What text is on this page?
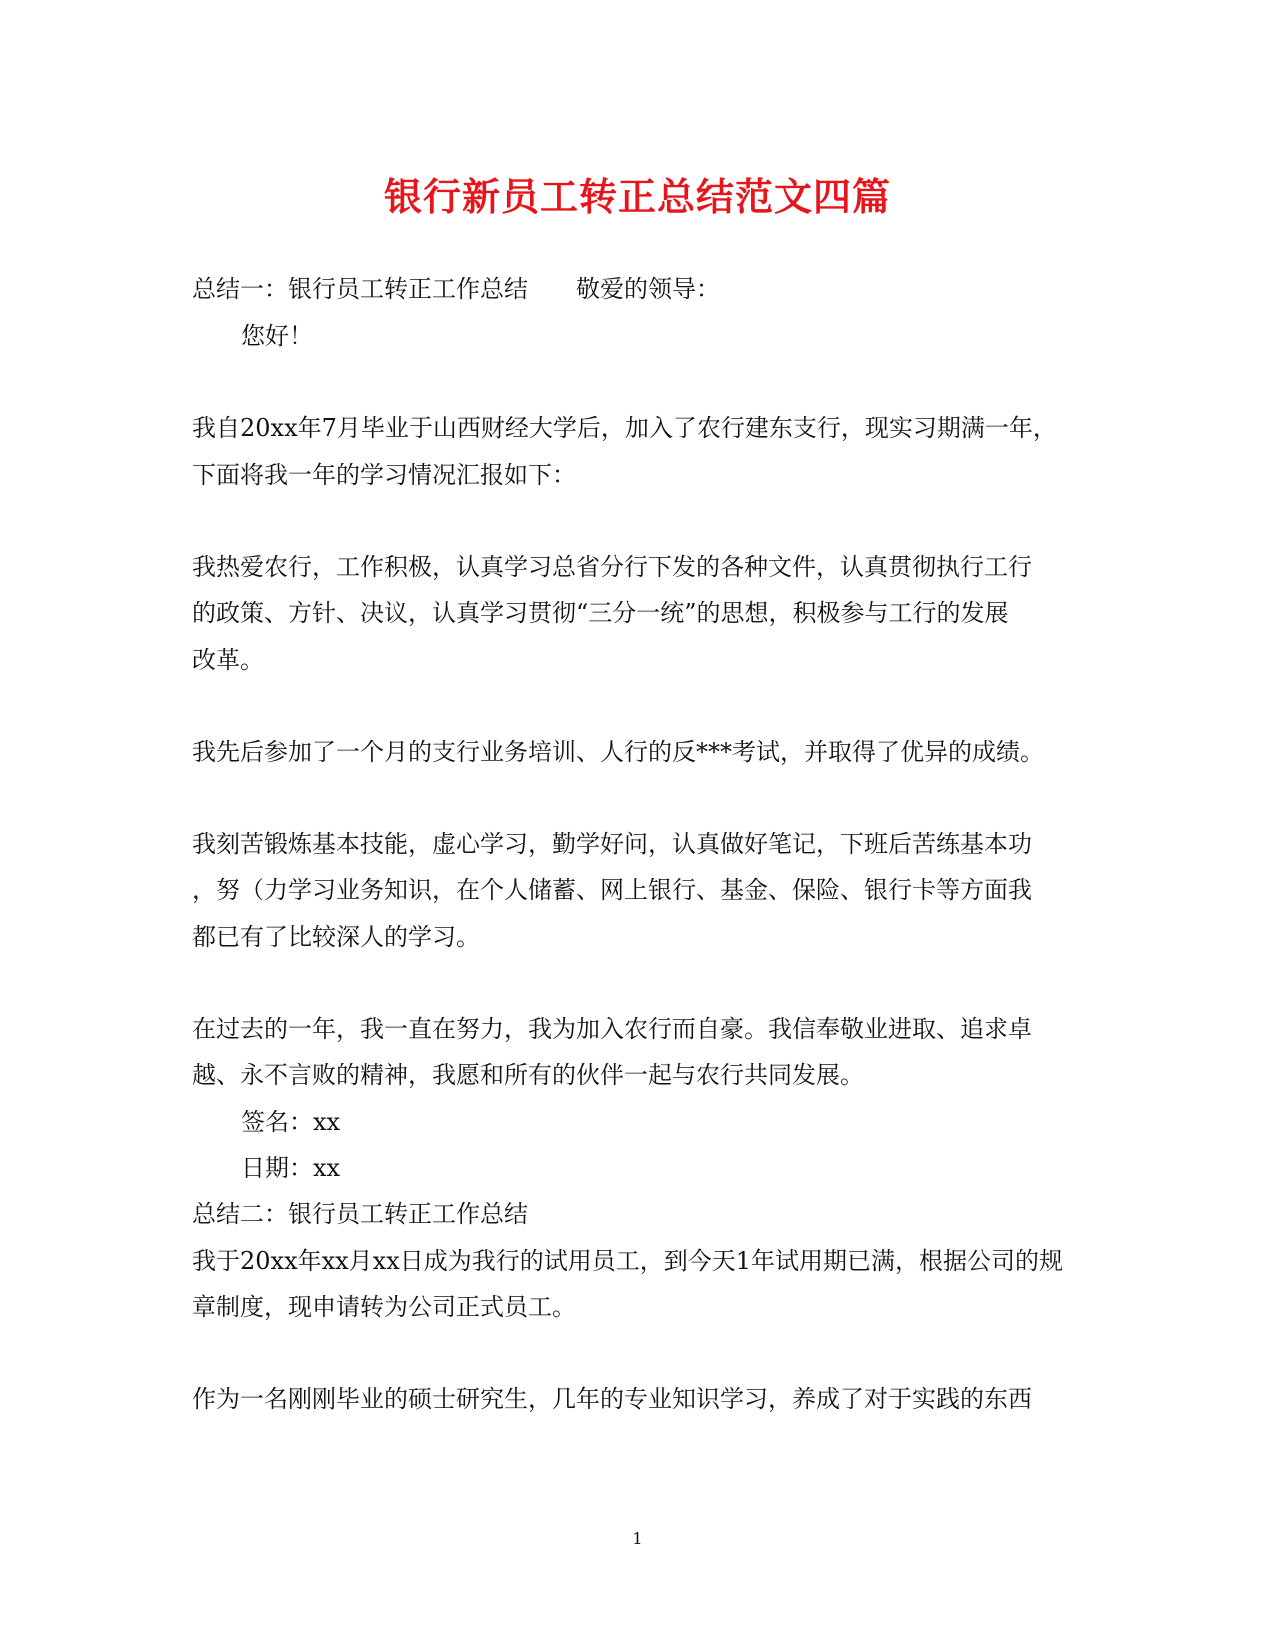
银行新员工转正总结范文四篇
总结一：银行员工转正工作总结 敬爱的领导：
您好！
我自20xx年7月毕业于山西财经大学后，加入了农行建东支行，现实习期满一年，
下面将我一年的学习情况汇报如下：
我热爱农行，工作积极，认真学习总省分行下发的各种文件，认真贯彻执行工行
的政策、方针、决议，认真学习贯彻“三分一统”的思想，积极参与工行的发展
改革。
我先后参加了一个月的支行业务培训、人行的反***考试，并取得了优异的成绩。
我刻苦锻炼基本技能，虚心学习，勤学好问，认真做好笔记，下班后苦练基本功
，努（力学习业务知识，在个人储蓄、网上银行、基金、保险、银行卡等方面我
都已有了比较深人的学习。
在过去的一年，我一直在努力，我为加入农行而自豪。我信奉敬业进取、追求卓
越、永不言败的精神，我愿和所有的伙伴一起与农行共同发展。
签名：xx
日期：xx
总结二：银行员工转正工作总结
我于20xx年xx月xx日成为我行的试用员工，到今天1年试用期已满，根据公司的规
章制度，现申请转为公司正式员工。
作为一名刚刚毕业的硕士研究生，几年的专业知识学习，养成了对于实践的东西
1
